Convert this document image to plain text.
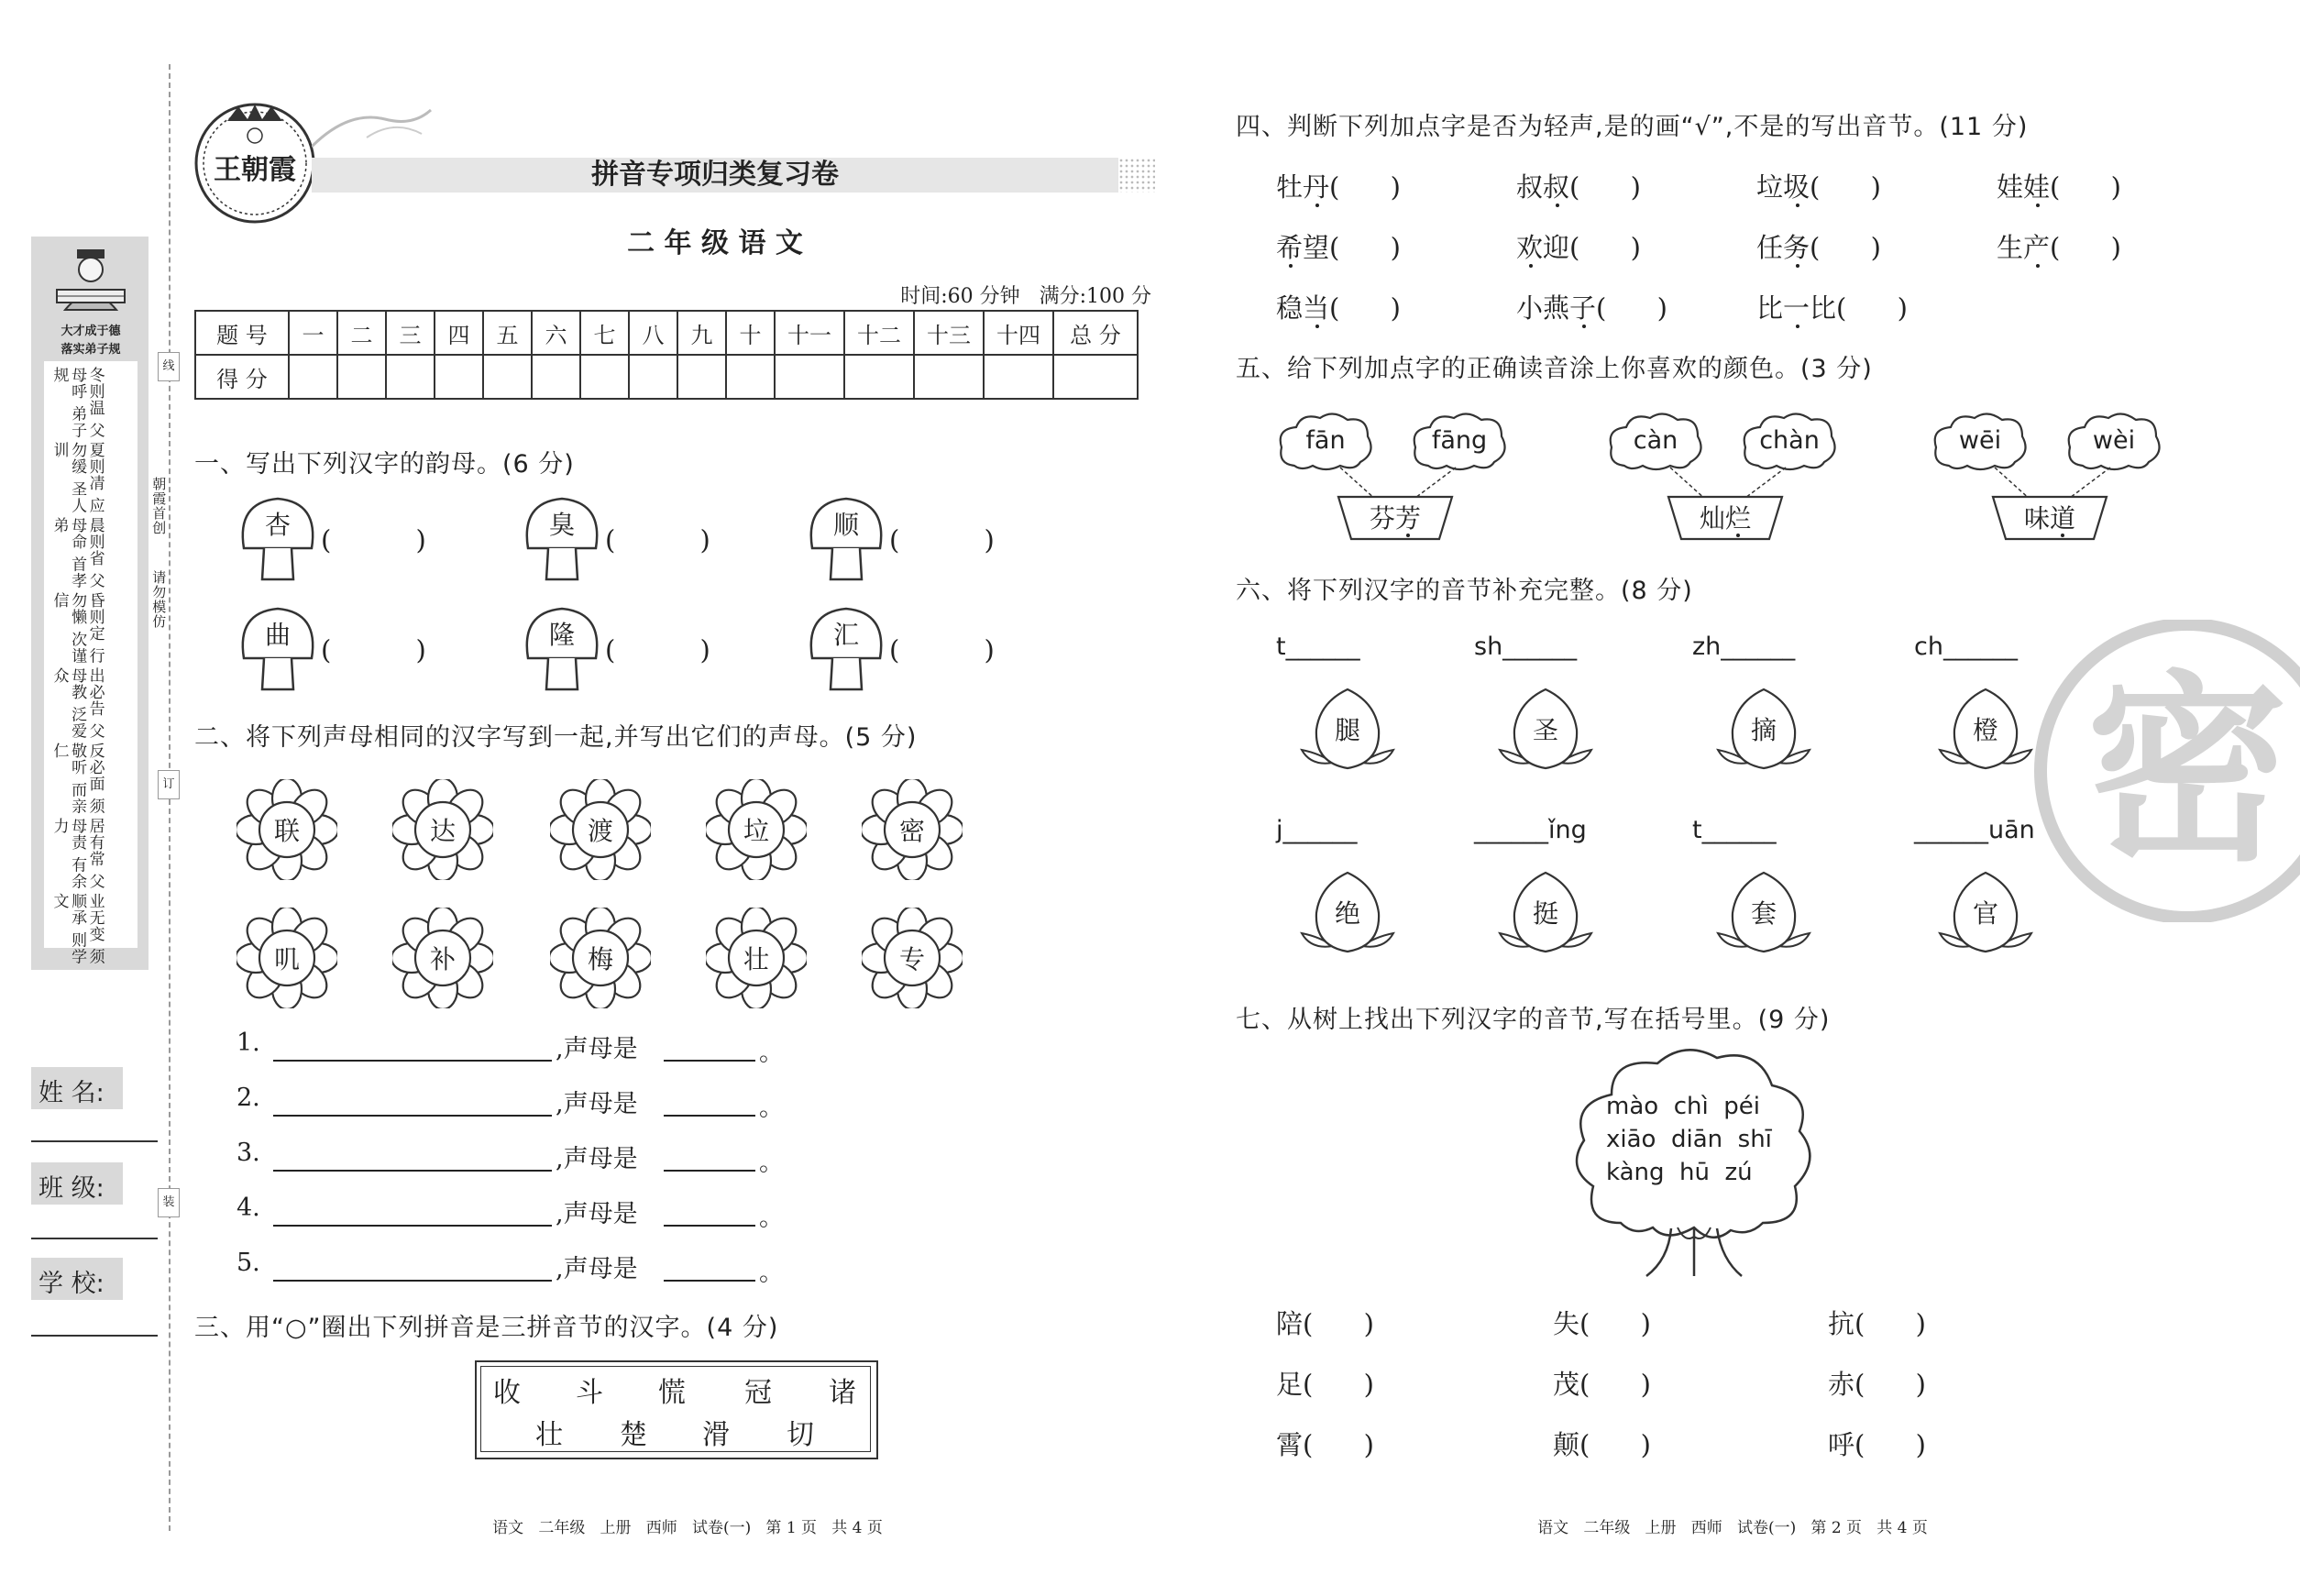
大才成于德
落实弟子规
冬则温 父母呼 弟子规
夏则凊 应勿缓 圣人训
晨则省 父母命 首孝弟
昏则定 行勿懒 次谨信
出必告 父母教 泛爱众
反必面 须敬听 而亲仁
居有常 父母责 有余力
业无变 须顺承 则学文
朝霞首创
请勿模仿
线
订
装
姓 名:
班 级:
学 校:
王朝霞	拼音专项归类复习卷
二 年 级 语 文
时间:60 分钟   满分:100 分
题 号	一	二	三	四	五	六	七	八	九	十	十一	十二	十三	十四	总 分
得 分															
一、写出下列汉字的韵母。(6 分)
杏	(          )	臭	(          )	顺	(          )
曲	(          )	隆	(          )	汇	(          )
二、将下列声母相同的汉字写到一起,并写出它们的声母。(5 分)
三、用“○”圈出下列拼音是三拼音节的汉字。(4 分)
语文   二年级   上册   西师   试卷(一)   第 1 页   共 4 页
密
四、判断下列加点字是否为轻声,是的画“√”,不是的写出音节。(11 分)
五、给下列加点字的正确读音涂上你喜欢的颜色。(3 分)
六、将下列汉字的音节补充完整。(8 分)
七、从树上找出下列汉字的音节,写在括号里。(9 分)
mào  chì  péi
xiāo  diān  shī
kàng  hū  zú
语文   二年级   上册   西师   试卷(一)   第 2 页   共 4 页
联	达	渡	垃	密
叽	补	梅	壮	专
1.	,声母是	。
2.	,声母是	。
3.	,声母是	。
4.	,声母是	。
5.	,声母是	。
收 斗 慌 冠 诸
壮 楚 滑 切
牡丹(      )	叔叔(      )	垃圾(      )	娃娃(      )
希望(      )	欢迎(      )	任务(      )	生产(      )
稳当(      )	小燕子(      )	比一比(      )
fān	fāng
芬芳
càn	chàn
灿烂
wēi	wèi
味道
t______
腿
sh______
圣
zh______
摘
ch______
橙
j______
绝
______ǐng
挺
t______
套
______uān
官
陪(      )	失(      )	抗(      )
足(      )	茂(      )	赤(      )
霄(      )	颠(      )	呼(      )
